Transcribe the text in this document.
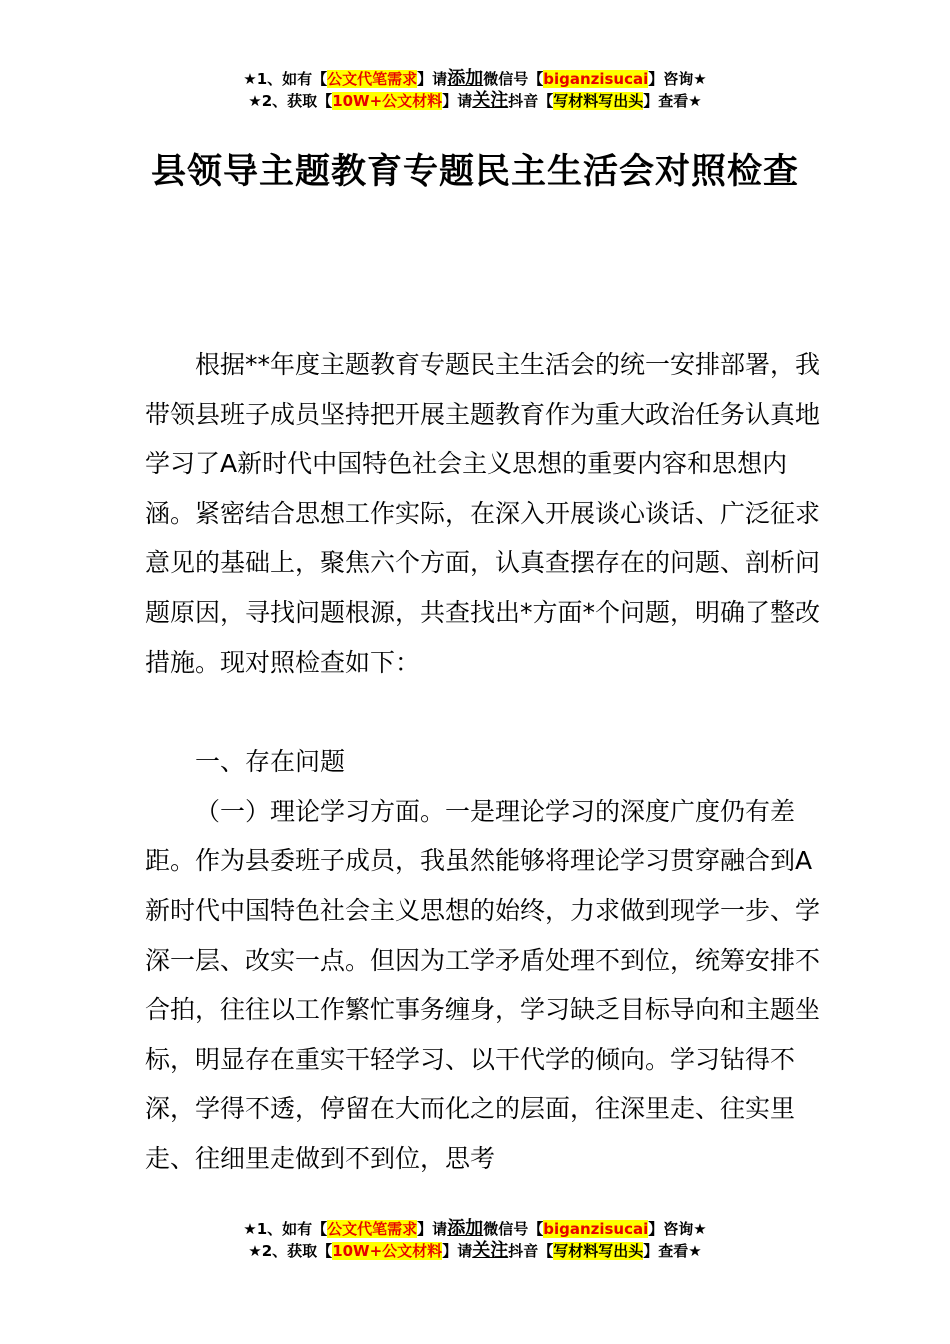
★1、如有【公文代笔需求】请添加微信号【biganzisucai】咨询★
★2、获取【10W+公文材料】请关注抖音【写材料写出头】查看★
县领导主题教育专题民主生活会对照检查

根据**年度主题教育专题民主生活会的统一安排部署，我带领县班子成员坚持把开展主题教育作为重大政治任务认真地学习了A新时代中国特色社会主义思想的重要内容和思想内涵。紧密结合思想工作实际，在深入开展谈心谈话、广泛征求意见的基础上，聚焦六个方面，认真查摆存在的问题、剖析问题原因，寻找问题根源，共查找出*方面*个问题，明确了整改措施。现对照检查如下：

一、存在问题

（一）理论学习方面。一是理论学习的深度广度仍有差距。作为县委班子成员，我虽然能够将理论学习贯穿融合到A新时代中国特色社会主义思想的始终，力求做到现学一步、学深一层、改实一点。但因为工学矛盾处理不到位，统筹安排不合拍，往往以工作繁忙事务缠身，学习缺乏目标导向和主题坐标，明显存在重实干轻学习、以干代学的倾向。学习钻得不深，学得不透，停留在大而化之的层面，往深里走、往实里走、往细里走做到不到位，思考

★1、如有【公文代笔需求】请添加微信号【biganzisucai】咨询★
★2、获取【10W+公文材料】请关注抖音【写材料写出头】查看★
